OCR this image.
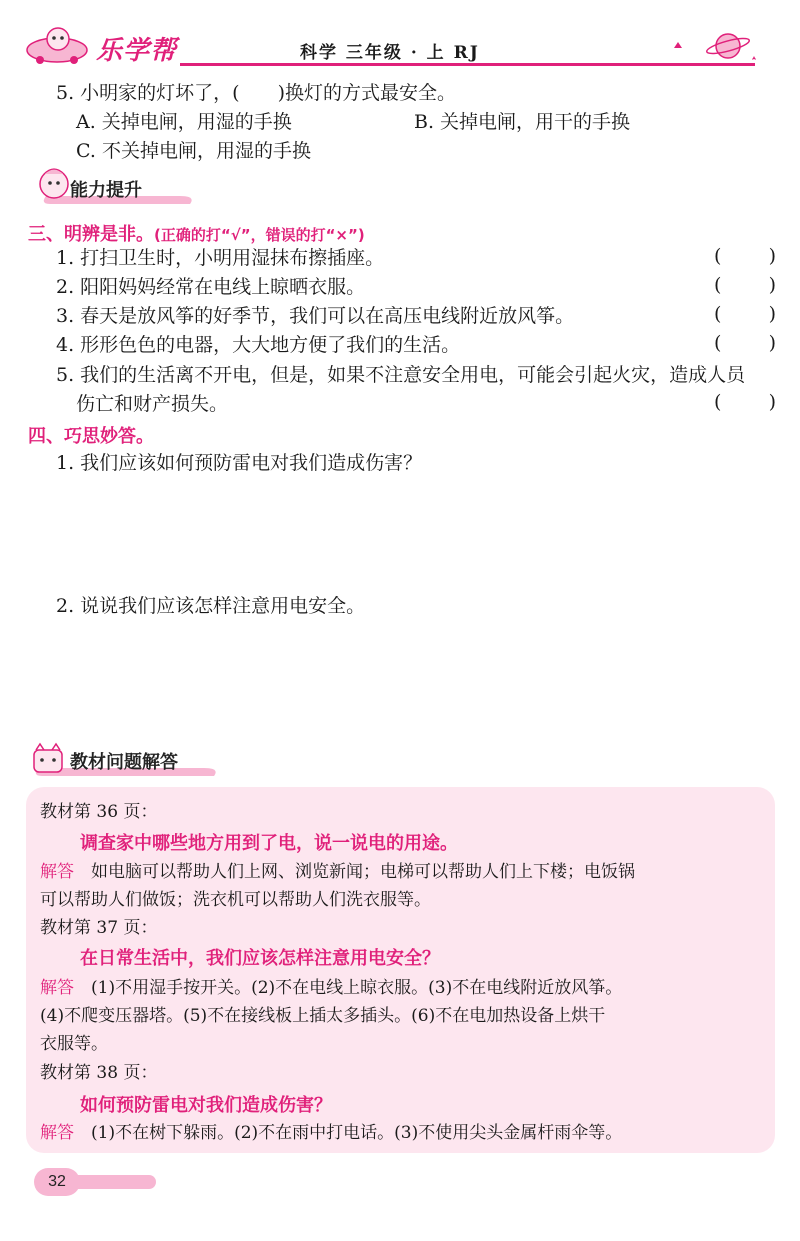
乐学帮	科学 三年级 · 上 RJ
5. 小明家的灯坏了，(　　)换灯的方式最安全。
A. 关掉电闸，用湿的手换	B. 关掉电闸，用干的手换
C. 不关掉电闸，用湿的手换
能力提升
三、明辨是非。(正确的打“√”，错误的打“×”)
1. 打扫卫生时，小明用湿抹布擦插座。	( )
2. 阳阳妈妈经常在电线上晾晒衣服。	( )
3. 春天是放风筝的好季节，我们可以在高压电线附近放风筝。	( )
4. 形形色色的电器，大大地方便了我们的生活。	( )
5. 我们的生活离不开电，但是，如果不注意安全用电，可能会引起火灾，造成人员
伤亡和财产损失。	( )
四、巧思妙答。
1. 我们应该如何预防雷电对我们造成伤害？
2. 说说我们应该怎样注意用电安全。
教材问题解答
教材第 36 页：
调查家中哪些地方用到了电，说一说电的用途。
解答  如电脑可以帮助人们上网、浏览新闻；电梯可以帮助人们上下楼；电饭锅
可以帮助人们做饭；洗衣机可以帮助人们洗衣服等。
教材第 37 页：
在日常生活中，我们应该怎样注意用电安全？
解答  (1)不用湿手按开关。(2)不在电线上晾衣服。(3)不在电线附近放风筝。
(4)不爬变压器塔。(5)不在接线板上插太多插头。(6)不在电加热设备上烘干
衣服等。
教材第 38 页：
如何预防雷电对我们造成伤害？
解答  (1)不在树下躲雨。(2)不在雨中打电话。(3)不使用尖头金属杆雨伞等。
32
